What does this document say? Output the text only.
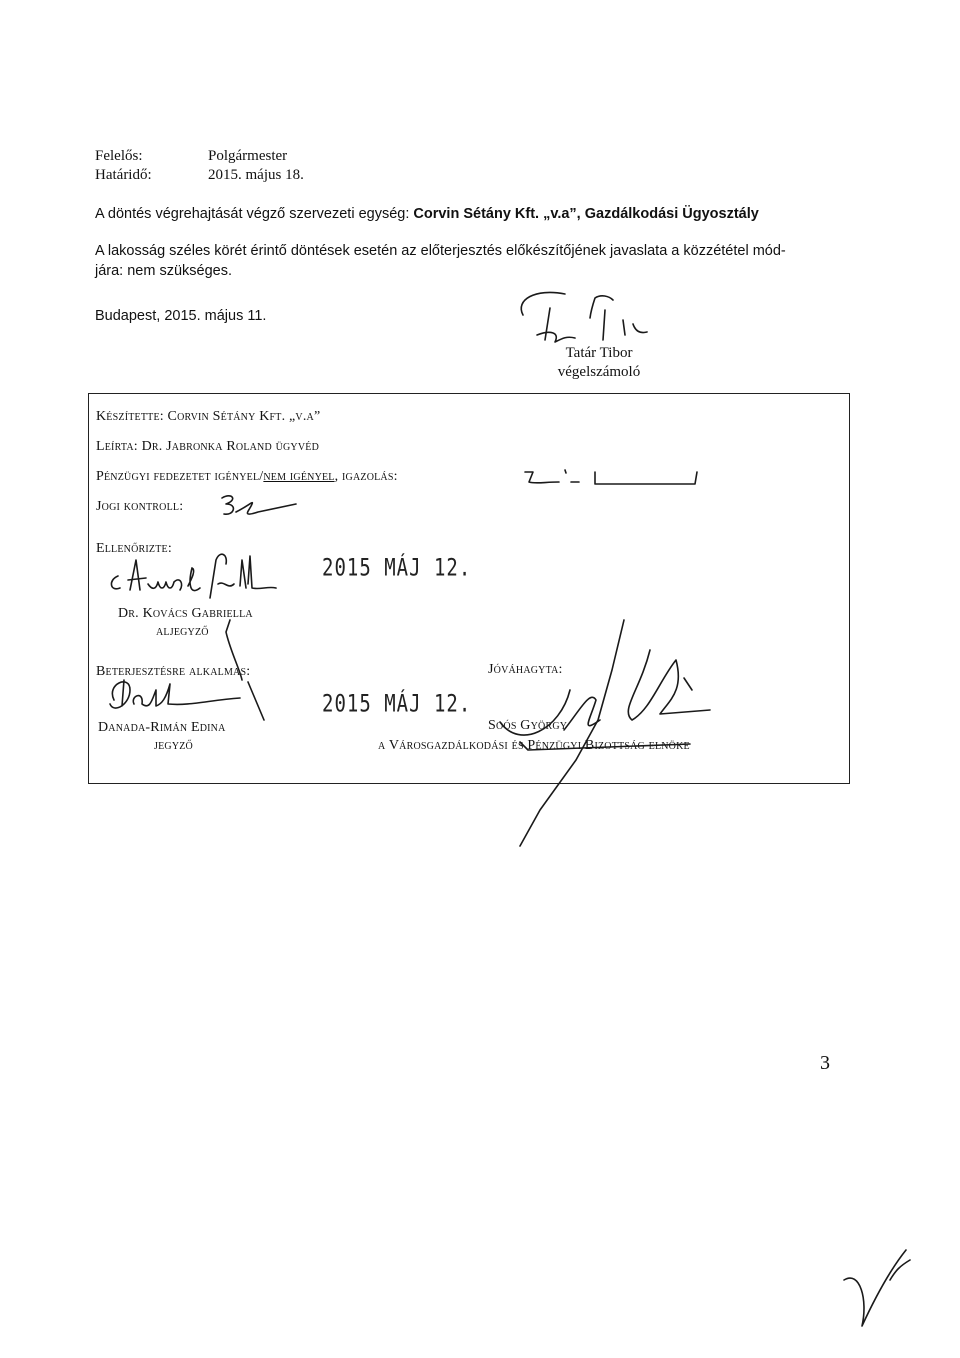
Felelős:	Polgármester
Határidő:	2015. május 18.
A döntés végrehajtását végző szervezeti egység: Corvin Sétány Kft. „v.a”, Gazdálkodási Ügyosztály
A lakosság széles körét érintő döntések esetén az előterjesztés előkészítőjének javaslata a közzététel mód-
jára: nem szükséges.
Budapest, 2015. május 11.
Tatár Tibor
végelszámoló
Készítette: Corvin Sétány Kft. „v.a”
Leírta: Dr. Jabronka Roland ügyvéd
Pénzügyi fedezetet igényel/nem igényel, igazolás:
Jogi kontroll:
Ellenőrizte:
2015 MÁJ 12.
Dr. Kovács Gabriella
aljegyző
Beterjesztésre alkalmas:
2015 MÁJ 12.
Danada-Rimán Edina
jegyző
Jóváhagyta:
Soós György
a Városgazdálkodási és Pénzügyi Bizottság elnöke
3
